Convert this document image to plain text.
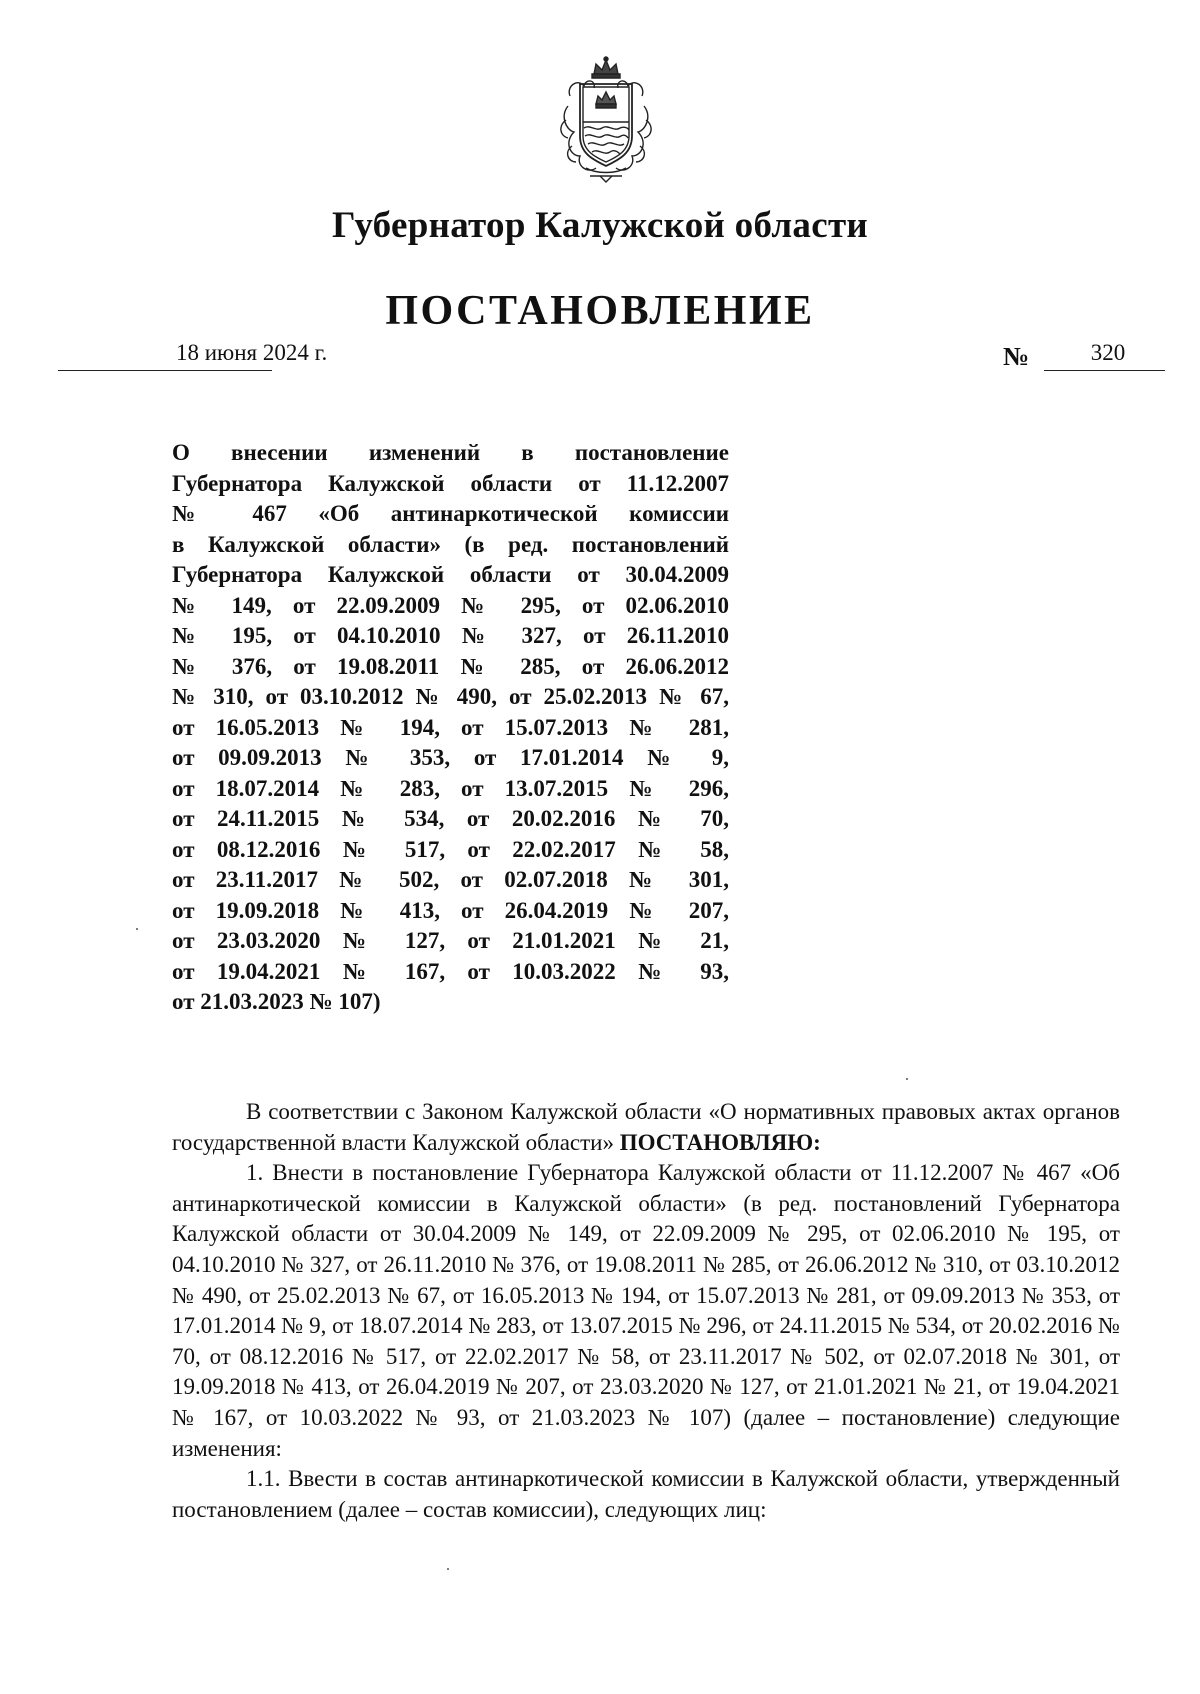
Губернатор Калужской области
ПОСТАНОВЛЕНИЕ
18 июня 2024 г.	№	320
О внесении изменений в постановление
Губернатора Калужской области от 11.12.2007
№ 467 «Об антинаркотической комиссии
в Калужской области» (в ред. постановлений
Губернатора Калужской области от 30.04.2009
№ 149, от 22.09.2009 № 295, от 02.06.2010
№ 195, от 04.10.2010 № 327, от 26.11.2010
№ 376, от 19.08.2011 № 285, от 26.06.2012
№ 310, от 03.10.2012 № 490, от 25.02.2013 № 67,
от 16.05.2013 № 194, от 15.07.2013 № 281,
от 09.09.2013 № 353, от 17.01.2014 № 9,
от 18.07.2014 № 283, от 13.07.2015 № 296,
от 24.11.2015 № 534, от 20.02.2016 № 70,
от 08.12.2016 № 517, от 22.02.2017 № 58,
от 23.11.2017 № 502, от 02.07.2018 № 301,
от 19.09.2018 № 413, от 26.04.2019 № 207,
от 23.03.2020 № 127, от 21.01.2021 № 21,
от 19.04.2021 № 167, от 10.03.2022 № 93,
от 21.03.2023 № 107)

В соответствии с Законом Калужской области «О нормативных правовых актах органов государственной власти Калужской области» ПОСТАНОВЛЯЮ:

1. Внести в постановление Губернатора Калужской области от 11.12.2007 № 467 «Об антинаркотической комиссии в Калужской области» (в ред. постановлений Губернатора Калужской области от 30.04.2009 № 149, от 22.09.2009 № 295, от 02.06.2010 № 195, от 04.10.2010 № 327, от 26.11.2010 № 376, от 19.08.2011 № 285, от 26.06.2012 № 310, от 03.10.2012 № 490, от 25.02.2013 № 67, от 16.05.2013 № 194, от 15.07.2013 № 281, от 09.09.2013 № 353, от 17.01.2014 № 9, от 18.07.2014 № 283, от 13.07.2015 № 296, от 24.11.2015 № 534, от 20.02.2016 № 70, от 08.12.2016 № 517, от 22.02.2017 № 58, от 23.11.2017 № 502, от 02.07.2018 № 301, от 19.09.2018 № 413, от 26.04.2019 № 207, от 23.03.2020 № 127, от 21.01.2021 № 21, от 19.04.2021 № 167, от 10.03.2022 № 93, от 21.03.2023 № 107) (далее – постановление) следующие изменения:

1.1. Ввести в состав антинаркотической комиссии в Калужской области, утвержденный постановлением (далее – состав комиссии), следующих лиц:
